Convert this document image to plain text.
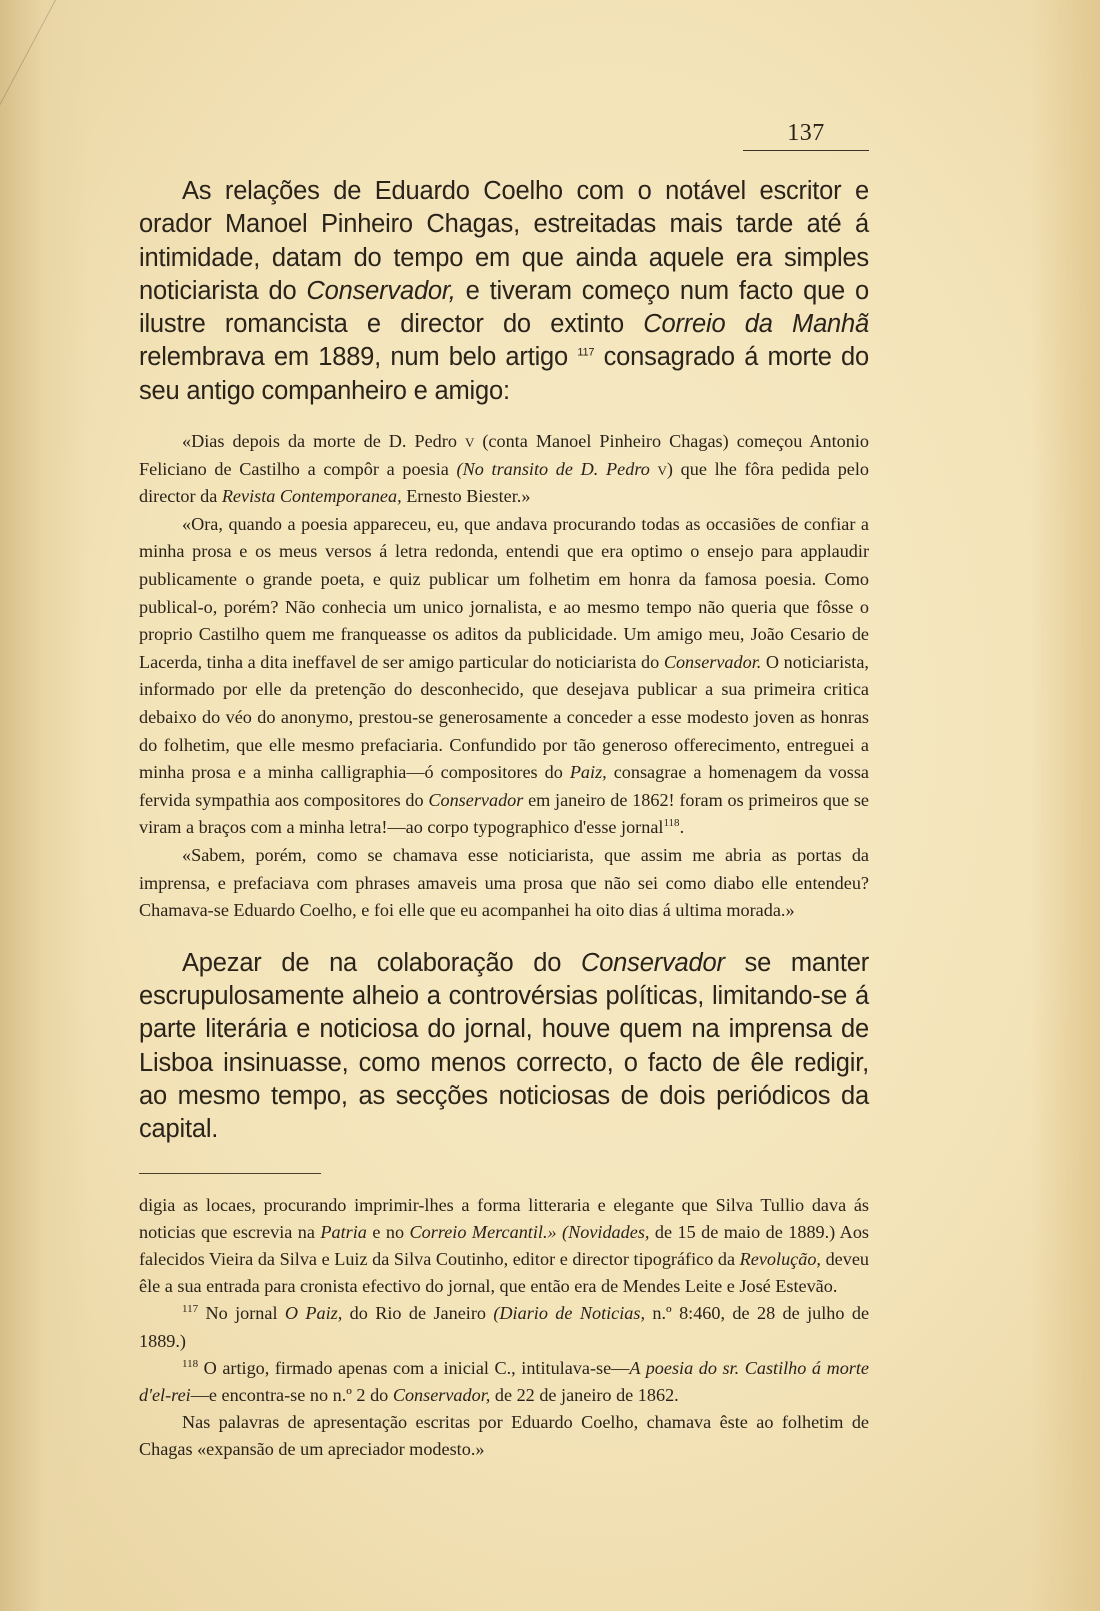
137

As relações de Eduardo Coelho com o notável escritor e orador Manoel Pinheiro Chagas, estreitadas mais tarde até á intimidade, datam do tempo em que ainda aquele era simples noticiarista do Conservador, e tiveram começo num facto que o ilustre romancista e director do extinto Correio da Manhã relembrava em 1889, num belo artigo $^{117}$ consagrado á morte do seu antigo companheiro e amigo:

«Dias depois da morte de D. Pedro v (conta Manoel Pinheiro Chagas) começou Antonio Feliciano de Castilho a compôr a poesia (No transito de D. Pedro v) que lhe fôra pedida pelo director da Revista Contemporanea, Ernesto Biester.»

«Ora, quando a poesia appareceu, eu, que andava procurando todas as occasiões de confiar a minha prosa e os meus versos á letra redonda, entendi que era optimo o ensejo para applaudir publicamente o grande poeta, e quiz publicar um folhetim em honra da famosa poesia. Como publical-o, porém? Não conhecia um unico jornalista, e ao mesmo tempo não queria que fôsse o proprio Castilho quem me franqueasse os aditos da publicidade. Um amigo meu, João Cesario de Lacerda, tinha a dita ineffavel de ser amigo particular do noticiarista do Conservador. O noticiarista, informado por elle da pretenção do desconhecido, que desejava publicar a sua primeira critica debaixo do véo do anonymo, prestou-se generosamente a conceder a esse modesto joven as honras do folhetim, que elle mesmo prefaciaria. Confundido por tão generoso offerecimento, entreguei a minha prosa e a minha calligraphia—ó compositores do Paiz, consagrae a homenagem da vossa fervida sympathia aos compositores do Conservador em janeiro de 1862! foram os primeiros que se viram a braços com a minha letra!—ao corpo typographico d'esse jornal$^{118}$.

«Sabem, porém, como se chamava esse noticiarista, que assim me abria as portas da imprensa, e prefaciava com phrases amaveis uma prosa que não sei como diabo elle entendeu? Chamava-se Eduardo Coelho, e foi elle que eu acompanhei ha oito dias á ultima morada.»

Apezar de na colaboração do Conservador se manter escrupulosamente alheio a controvérsias políticas, limitando-se á parte literária e noticiosa do jornal, houve quem na imprensa de Lisboa insinuasse, como menos correcto, o facto de êle redigir, ao mesmo tempo, as secções noticiosas de dois periódicos da capital.

digia as locaes, procurando imprimir-lhes a forma litteraria e elegante que Silva Tullio dava ás noticias que escrevia na Patria e no Correio Mercantil.» (Novidades, de 15 de maio de 1889.) Aos falecidos Vieira da Silva e Luiz da Silva Coutinho, editor e director tipográfico da Revolução, deveu êle a sua entrada para cronista efectivo do jornal, que então era de Mendes Leite e José Estevão.

$^{117}$ No jornal O Paiz, do Rio de Janeiro (Diario de Noticias, n.º 8:460, de 28 de julho de 1889.)

$^{118}$ O artigo, firmado apenas com a inicial C., intitulava-se—A poesia do sr. Castilho á morte d'el-rei—e encontra-se no n.º 2 do Conservador, de 22 de janeiro de 1862.

Nas palavras de apresentação escritas por Eduardo Coelho, chamava êste ao folhetim de Chagas «expansão de um apreciador modesto.»
